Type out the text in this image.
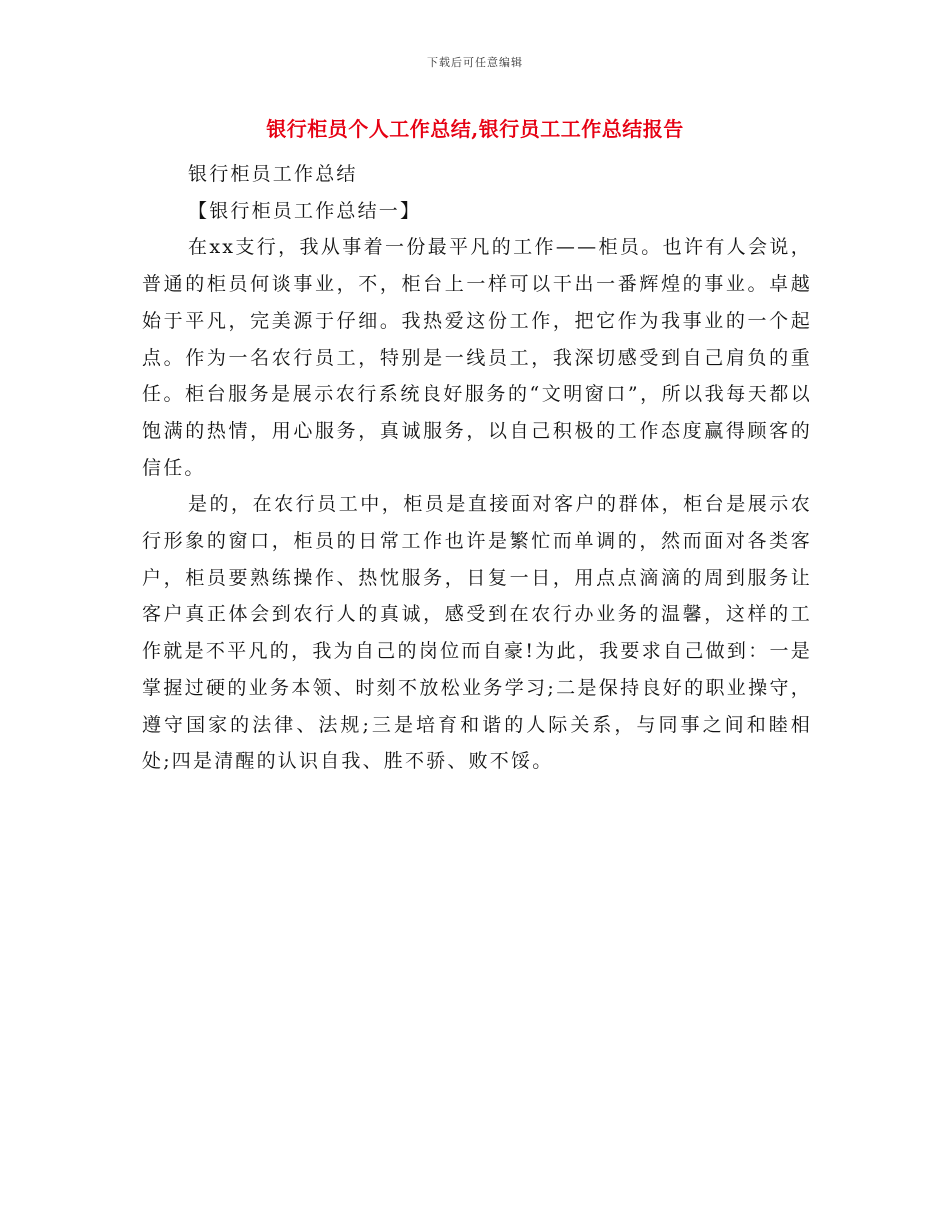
下载后可任意编辑
银行柜员个人工作总结,银行员工工作总结报告

银行柜员工作总结

【银行柜员工作总结一】

在xx支行，我从事着一份最平凡的工作——柜员。也许有人会说，普通的柜员何谈事业，不，柜台上一样可以干出一番辉煌的事业。卓越始于平凡，完美源于仔细。我热爱这份工作，把它作为我事业的一个起点。作为一名农行员工，特别是一线员工，我深切感受到自己肩负的重任。柜台服务是展示农行系统良好服务的“文明窗口”，所以我每天都以饱满的热情，用心服务，真诚服务，以自己积极的工作态度赢得顾客的信任。

是的，在农行员工中，柜员是直接面对客户的群体，柜台是展示农行形象的窗口，柜员的日常工作也许是繁忙而单调的，然而面对各类客户，柜员要熟练操作、热忱服务，日复一日，用点点滴滴的周到服务让客户真正体会到农行人的真诚，感受到在农行办业务的温馨，这样的工作就是不平凡的，我为自己的岗位而自豪!为此，我要求自己做到：一是掌握过硬的业务本领、时刻不放松业务学习;二是保持良好的职业操守，遵守国家的法律、法规;三是培育和谐的人际关系，与同事之间和睦相处;四是清醒的认识自我、胜不骄、败不馁。
